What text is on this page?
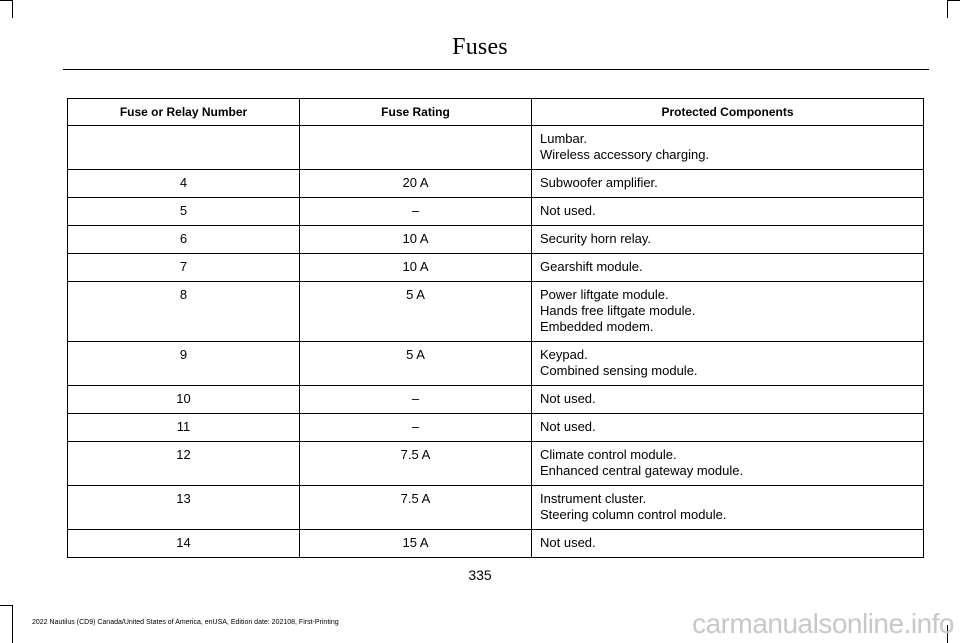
Fuses
Fuse or Relay Number	Fuse Rating	Protected Components

		Lumbar.
Wireless accessory charging.

4	20 A	Subwoofer amplifier.

5	–	Not used.

6	10 A	Security horn relay.

7	10 A	Gearshift module.

8	5 A	Power liftgate module.
Hands free liftgate module.
Embedded modem.

9	5 A	Keypad.
Combined sensing module.

10	–	Not used.

11	–	Not used.

12	7.5 A	Climate control module.
Enhanced central gateway module.

13	7.5 A	Instrument cluster.
Steering column control module.

14	15 A	Not used.
335
2022 Nautilus (CD9) Canada/United States of America, enUSA, Edition date: 202108, First-Printing	carmanualsonline.info
